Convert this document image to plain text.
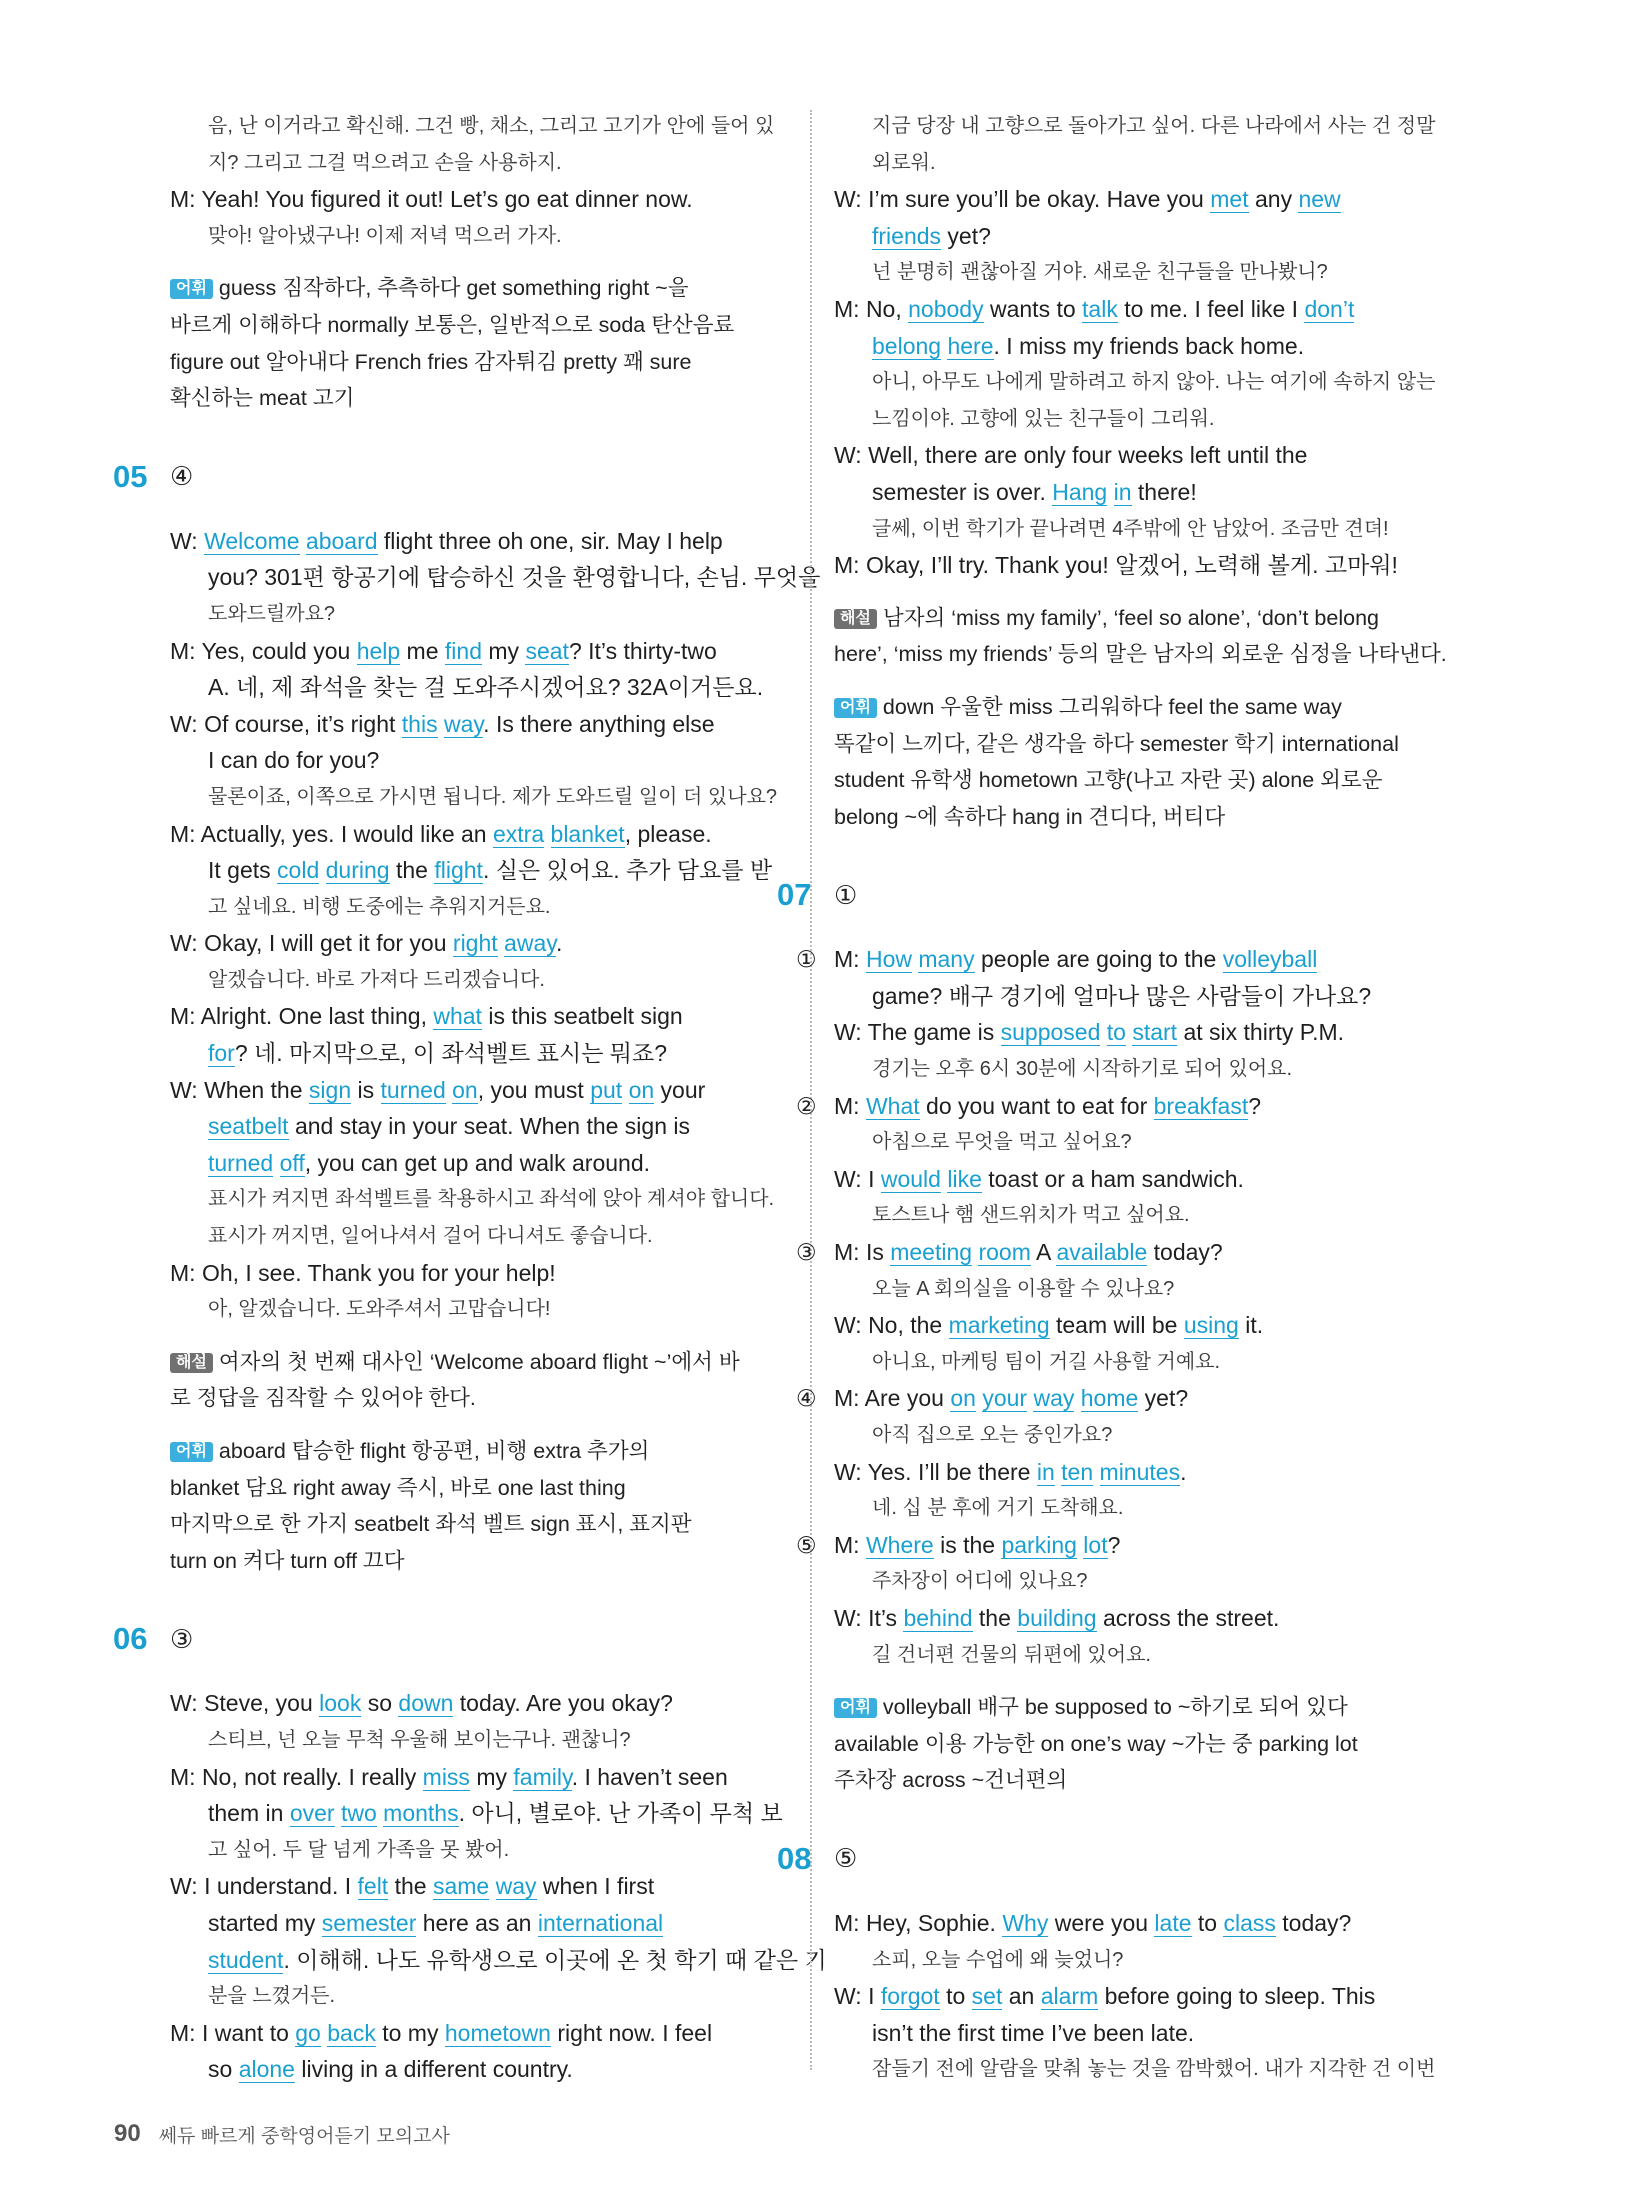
음, 난 이거라고 확신해. 그건 빵, 채소, 그리고 고기가 안에 들어 있
지? 그리고 그걸 먹으려고 손을 사용하지.
M: Yeah! You figured it out! Let’s go eat dinner now.
맞아! 알아냈구나! 이제 저녁 먹으러 가자.
어휘 guess 짐작하다, 추측하다 get something right ~을
바르게 이해하다 normally 보통은, 일반적으로 soda 탄산음료
figure out 알아내다 French fries 감자튀김 pretty 꽤 sure
확신하는 meat 고기
05 ④
W: Welcome aboard flight three oh one, sir. May I help
you? 301편 항공기에 탑승하신 것을 환영합니다, 손님. 무엇을
도와드릴까요?
M: Yes, could you help me find my seat? It’s thirty-two
A. 네, 제 좌석을 찾는 걸 도와주시겠어요? 32A이거든요.
W: Of course, it’s right this way. Is there anything else
I can do for you?
물론이죠, 이쪽으로 가시면 됩니다. 제가 도와드릴 일이 더 있나요?
M: Actually, yes. I would like an extra blanket, please.
It gets cold during the flight. 실은 있어요. 추가 담요를 받
고 싶네요. 비행 도중에는 추워지거든요.
W: Okay, I will get it for you right away.
알겠습니다. 바로 가져다 드리겠습니다.
M: Alright. One last thing, what is this seatbelt sign
for? 네. 마지막으로, 이 좌석벨트 표시는 뭐죠?
W: When the sign is turned on, you must put on your
seatbelt and stay in your seat. When the sign is
turned off, you can get up and walk around.
표시가 켜지면 좌석벨트를 착용하시고 좌석에 앉아 계셔야 합니다.
표시가 꺼지면, 일어나셔서 걸어 다니셔도 좋습니다.
M: Oh, I see. Thank you for your help!
아, 알겠습니다. 도와주셔서 고맙습니다!
해설 여자의 첫 번째 대사인 ‘Welcome aboard flight ~’에서 바
로 정답을 짐작할 수 있어야 한다.
어휘 aboard 탑승한 flight 항공편, 비행 extra 추가의
blanket 담요 right away 즉시, 바로 one last thing
마지막으로 한 가지 seatbelt 좌석 벨트 sign 표시, 표지판
turn on 켜다 turn off 끄다
06 ③
W: Steve, you look so down today. Are you okay?
스티브, 넌 오늘 무척 우울해 보이는구나. 괜찮니?
M: No, not really. I really miss my family. I haven’t seen
them in over two months. 아니, 별로야. 난 가족이 무척 보
고 싶어. 두 달 넘게 가족을 못 봤어.
W: I understand. I felt the same way when I first
started my semester here as an international
student. 이해해. 나도 유학생으로 이곳에 온 첫 학기 때 같은 기
분을 느꼈거든.
M: I want to go back to my hometown right now. I feel
so alone living in a different country.
지금 당장 내 고향으로 돌아가고 싶어. 다른 나라에서 사는 건 정말
외로워.
W: I’m sure you’ll be okay. Have you met any new
friends yet?
넌 분명히 괜찮아질 거야. 새로운 친구들을 만나봤니?
M: No, nobody wants to talk to me. I feel like I don’t
belong here. I miss my friends back home.
아니, 아무도 나에게 말하려고 하지 않아. 나는 여기에 속하지 않는
느낌이야. 고향에 있는 친구들이 그리워.
W: Well, there are only four weeks left until the
semester is over. Hang in there!
글쎄, 이번 학기가 끝나려면 4주밖에 안 남았어. 조금만 견뎌!
M: Okay, I’ll try. Thank you! 알겠어, 노력해 볼게. 고마워!
해설 남자의 ‘miss my family’, ‘feel so alone’, ‘don’t belong
here’, ‘miss my friends’ 등의 말은 남자의 외로운 심정을 나타낸다.
어휘 down 우울한 miss 그리워하다 feel the same way
똑같이 느끼다, 같은 생각을 하다 semester 학기 international
student 유학생 hometown 고향(나고 자란 곳) alone 외로운
belong ~에 속하다 hang in 견디다, 버티다
07 ①
① M: How many people are going to the volleyball
game? 배구 경기에 얼마나 많은 사람들이 가나요?
W: The game is supposed to start at six thirty P.M.
경기는 오후 6시 30분에 시작하기로 되어 있어요.
② M: What do you want to eat for breakfast?
아침으로 무엇을 먹고 싶어요?
W: I would like toast or a ham sandwich.
토스트나 햄 샌드위치가 먹고 싶어요.
③ M: Is meeting room A available today?
오늘 A 회의실을 이용할 수 있나요?
W: No, the marketing team will be using it.
아니요, 마케팅 팀이 거길 사용할 거예요.
④ M: Are you on your way home yet?
아직 집으로 오는 중인가요?
W: Yes. I’ll be there in ten minutes.
네. 십 분 후에 거기 도착해요.
⑤ M: Where is the parking lot?
주차장이 어디에 있나요?
W: It’s behind the building across the street.
길 건너편 건물의 뒤편에 있어요.
어휘 volleyball 배구 be supposed to ~하기로 되어 있다
available 이용 가능한 on one’s way ~가는 중 parking lot
주차장 across ~건너편의
08 ⑤
M: Hey, Sophie. Why were you late to class today?
소피, 오늘 수업에 왜 늦었니?
W: I forgot to set an alarm before going to sleep. This
isn’t the first time I’ve been late.
잠들기 전에 알람을 맞춰 놓는 것을 깜박했어. 내가 지각한 건 이번
90 쎄듀 빠르게 중학영어듣기 모의고사
